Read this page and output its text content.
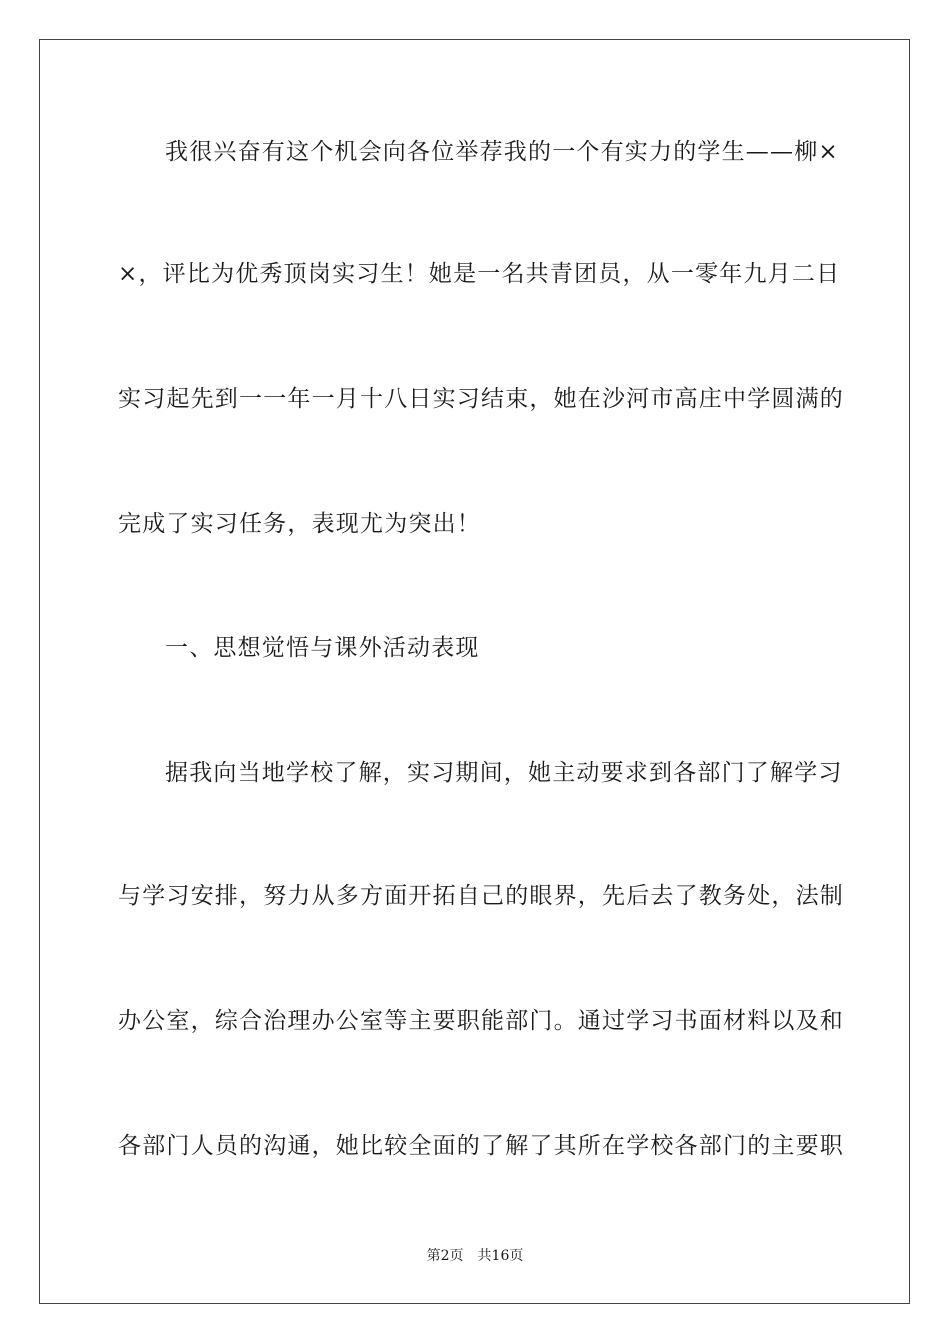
我很兴奋有这个机会向各位举荐我的一个有实力的学生——柳×
×，评比为优秀顶岗实习生！她是一名共青团员，从一零年九月二日
实习起先到一一年一月十八日实习结束，她在沙河市高庄中学圆满的
完成了实习任务，表现尤为突出！
一、思想觉悟与课外活动表现
据我向当地学校了解，实习期间，她主动要求到各部门了解学习
与学习安排，努力从多方面开拓自己的眼界，先后去了教务处，法制
办公室，综合治理办公室等主要职能部门。通过学习书面材料以及和
各部门人员的沟通，她比较全面的了解了其所在学校各部门的主要职
第2页 共16页
